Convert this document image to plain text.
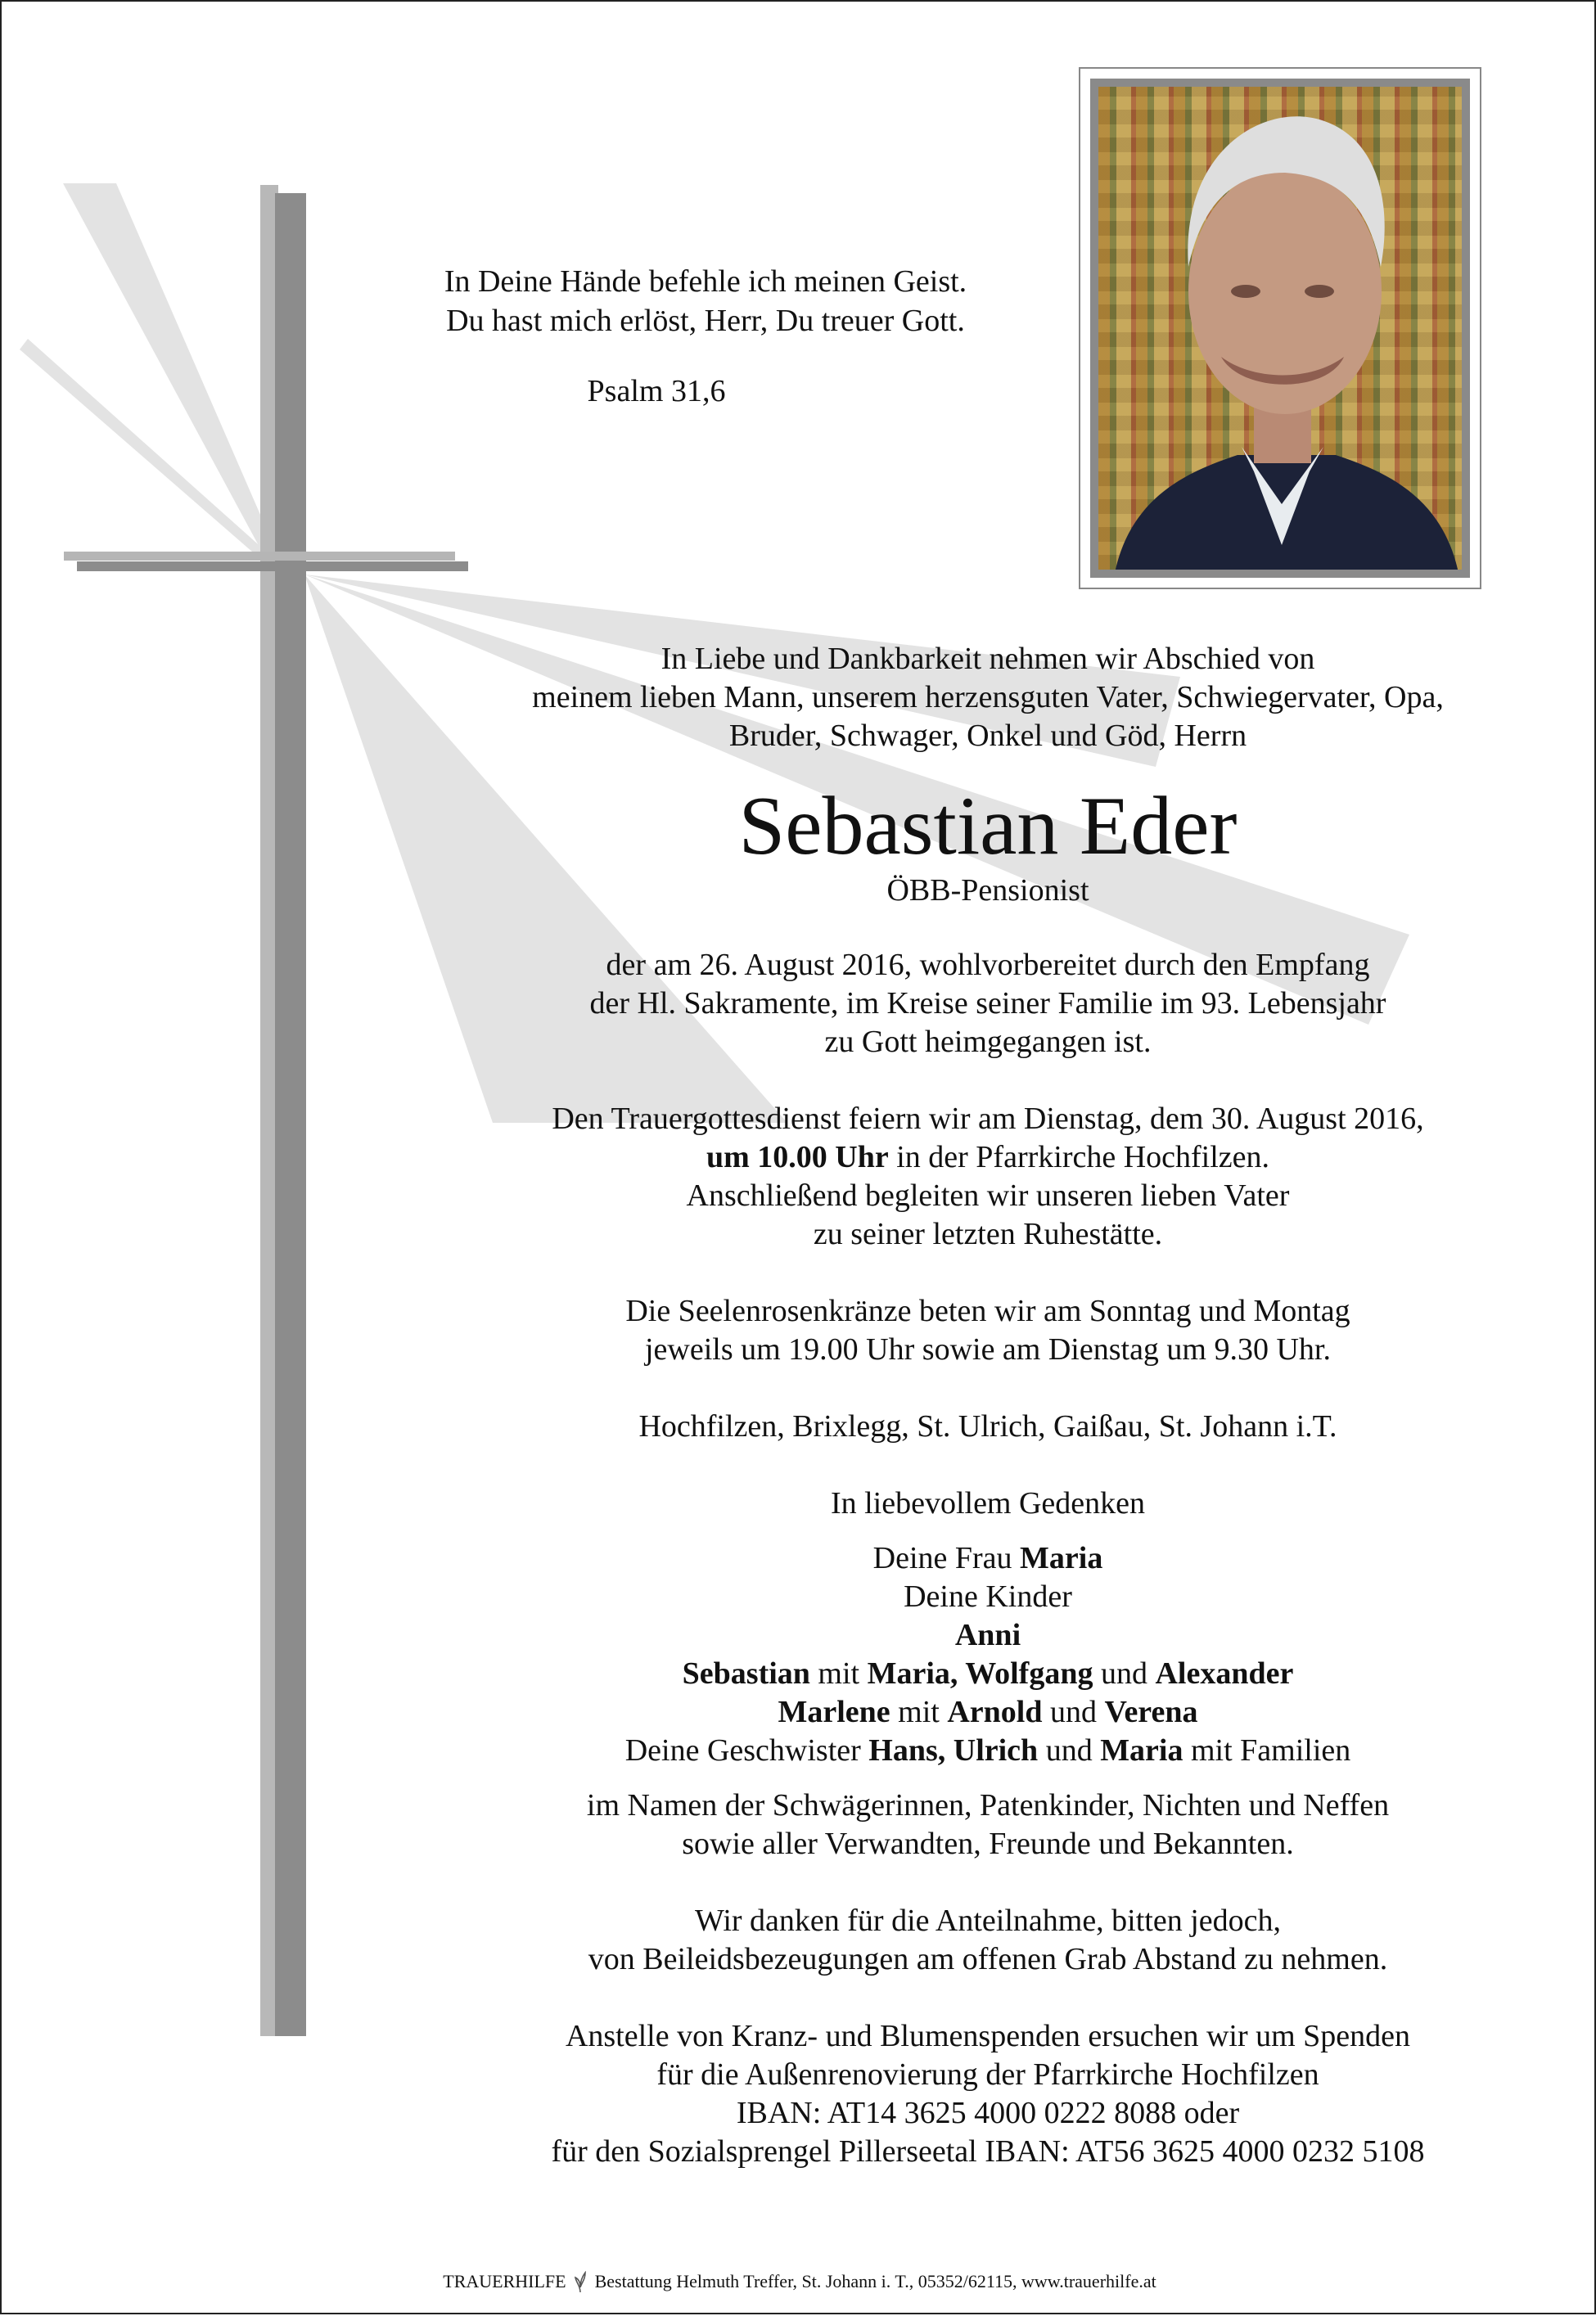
In Deine Hände befehle ich meinen Geist.
Du hast mich erlöst, Herr, Du treuer Gott.
Psalm 31,6

In Liebe und Dankbarkeit nehmen wir Abschied von

meinem lieben Mann, unserem herzensguten Vater, Schwiegervater, Opa,

Bruder, Schwager, Onkel und Göd, Herrn

Sebastian Eder

ÖBB-Pensionist

der am 26. August 2016, wohlvorbereitet durch den Empfang

der Hl. Sakramente, im Kreise seiner Familie im 93. Lebensjahr

zu Gott heimgegangen ist.

Den Trauergottesdienst feiern wir am Dienstag, dem 30. August 2016,

um 10.00 Uhr in der Pfarrkirche Hochfilzen.

Anschließend begleiten wir unseren lieben Vater

zu seiner letzten Ruhestätte.

Die Seelenrosenkränze beten wir am Sonntag und Montag

jeweils um 19.00 Uhr sowie am Dienstag um 9.30 Uhr.

Hochfilzen, Brixlegg, St. Ulrich, Gaißau, St. Johann i.T.

In liebevollem Gedenken

Deine Frau Maria

Deine Kinder

Anni

Sebastian mit Maria, Wolfgang und Alexander

Marlene mit Arnold und Verena

Deine Geschwister Hans, Ulrich und Maria mit Familien

im Namen der Schwägerinnen, Patenkinder, Nichten und Neffen

sowie aller Verwandten, Freunde und Bekannten.

Wir danken für die Anteilnahme, bitten jedoch,

von Beileidsbezeugungen am offenen Grab Abstand zu nehmen.

Anstelle von Kranz- und Blumenspenden ersuchen wir um Spenden

für die Außenrenovierung der Pfarrkirche Hochfilzen

IBAN: AT14 3625 4000 0222 8088 oder

für den Sozialsprengel Pillerseetal IBAN: AT56 3625 4000 0232 5108

TRAUERHILFE Bestattung Helmuth Treffer, St. Johann i. T., 05352/62115, www.trauerhilfe.at
